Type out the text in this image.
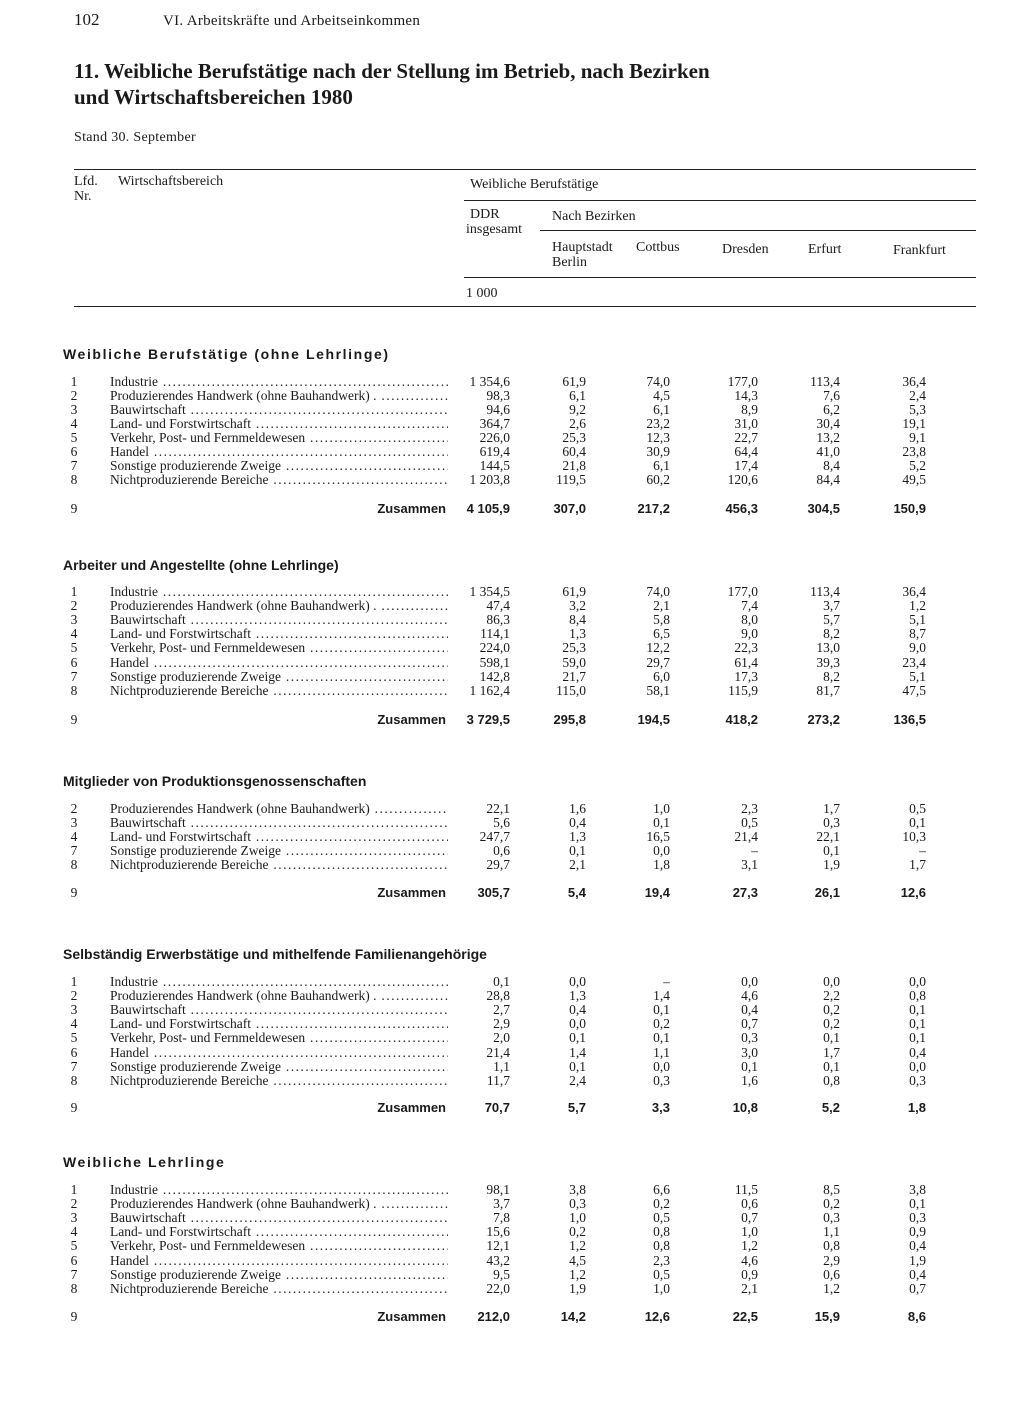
102	VI. Arbeitskräfte und Arbeitseinkommen
11. Weibliche Berufstätige nach der Stellung im Betrieb, nach Bezirken
und Wirtschaftsbereichen 1980
Stand 30. September
Lfd.
Nr.
Wirtschaftsbereich	Weibliche Berufstätige
DDR
insgesamt
Nach Bezirken
Hauptstadt
Berlin
Cottbus	Dresden	Erfurt	Frankfurt
1 000
Weibliche Berufstätige (ohne Lehrlinge)
1	Industrie .....	1 354,6	61,9	74,0	177,0	113,4	36,4
2	Produzierendes Handwerk (ohne Bauhandwerk) . .....	98,3	6,1	4,5	14,3	7,6	2,4
3	Bauwirtschaft .....	94,6	9,2	6,1	8,9	6,2	5,3
4	Land- und Forstwirtschaft .....	364,7	2,6	23,2	31,0	30,4	19,1
5	Verkehr, Post- und Fernmeldewesen .....	226,0	25,3	12,3	22,7	13,2	9,1
6	Handel .....	619,4	60,4	30,9	64,4	41,0	23,8
7	Sonstige produzierende Zweige .....	144,5	21,8	6,1	17,4	8,4	5,2
8	Nichtproduzierende Bereiche .....	1 203,8	119,5	60,2	120,6	84,4	49,5
9	Zusammen	4 105,9	307,0	217,2	456,3	304,5	150,9
Arbeiter und Angestellte (ohne Lehrlinge)
1	Industrie .....	1 354,5	61,9	74,0	177,0	113,4	36,4
2	Produzierendes Handwerk (ohne Bauhandwerk) . .....	47,4	3,2	2,1	7,4	3,7	1,2
3	Bauwirtschaft .....	86,3	8,4	5,8	8,0	5,7	5,1
4	Land- und Forstwirtschaft .....	114,1	1,3	6,5	9,0	8,2	8,7
5	Verkehr, Post- und Fernmeldewesen .....	224,0	25,3	12,2	22,3	13,0	9,0
6	Handel .....	598,1	59,0	29,7	61,4	39,3	23,4
7	Sonstige produzierende Zweige .....	142,8	21,7	6,0	17,3	8,2	5,1
8	Nichtproduzierende Bereiche .....	1 162,4	115,0	58,1	115,9	81,7	47,5
9	Zusammen	3 729,5	295,8	194,5	418,2	273,2	136,5
Mitglieder von Produktionsgenossenschaften
2	Produzierendes Handwerk (ohne Bauhandwerk) .....	22,1	1,6	1,0	2,3	1,7	0,5
3	Bauwirtschaft .....	5,6	0,4	0,1	0,5	0,3	0,1
4	Land- und Forstwirtschaft .....	247,7	1,3	16,5	21,4	22,1	10,3
7	Sonstige produzierende Zweige .....	0,6	0,1	0,0	–	0,1	–
8	Nichtproduzierende Bereiche .....	29,7	2,1	1,8	3,1	1,9	1,7
9	Zusammen	305,7	5,4	19,4	27,3	26,1	12,6
Selbständig Erwerbstätige und mithelfende Familienangehörige
1	Industrie .....	0,1	0,0	–	0,0	0,0	0,0
2	Produzierendes Handwerk (ohne Bauhandwerk) . .....	28,8	1,3	1,4	4,6	2,2	0,8
3	Bauwirtschaft .....	2,7	0,4	0,1	0,4	0,2	0,1
4	Land- und Forstwirtschaft .....	2,9	0,0	0,2	0,7	0,2	0,1
5	Verkehr, Post- und Fernmeldewesen .....	2,0	0,1	0,1	0,3	0,1	0,1
6	Handel .....	21,4	1,4	1,1	3,0	1,7	0,4
7	Sonstige produzierende Zweige .....	1,1	0,1	0,0	0,1	0,1	0,0
8	Nichtproduzierende Bereiche .....	11,7	2,4	0,3	1,6	0,8	0,3
9	Zusammen	70,7	5,7	3,3	10,8	5,2	1,8
Weibliche Lehrlinge
1	Industrie .....	98,1	3,8	6,6	11,5	8,5	3,8
2	Produzierendes Handwerk (ohne Bauhandwerk) . .....	3,7	0,3	0,2	0,6	0,2	0,1
3	Bauwirtschaft .....	7,8	1,0	0,5	0,7	0,3	0,3
4	Land- und Forstwirtschaft .....	15,6	0,2	0,8	1,0	1,1	0,9
5	Verkehr, Post- und Fernmeldewesen .....	12,1	1,2	0,8	1,2	0,8	0,4
6	Handel .....	43,2	4,5	2,3	4,6	2,9	1,9
7	Sonstige produzierende Zweige .....	9,5	1,2	0,5	0,9	0,6	0,4
8	Nichtproduzierende Bereiche .....	22,0	1,9	1,0	2,1	1,2	0,7
9	Zusammen	212,0	14,2	12,6	22,5	15,9	8,6
